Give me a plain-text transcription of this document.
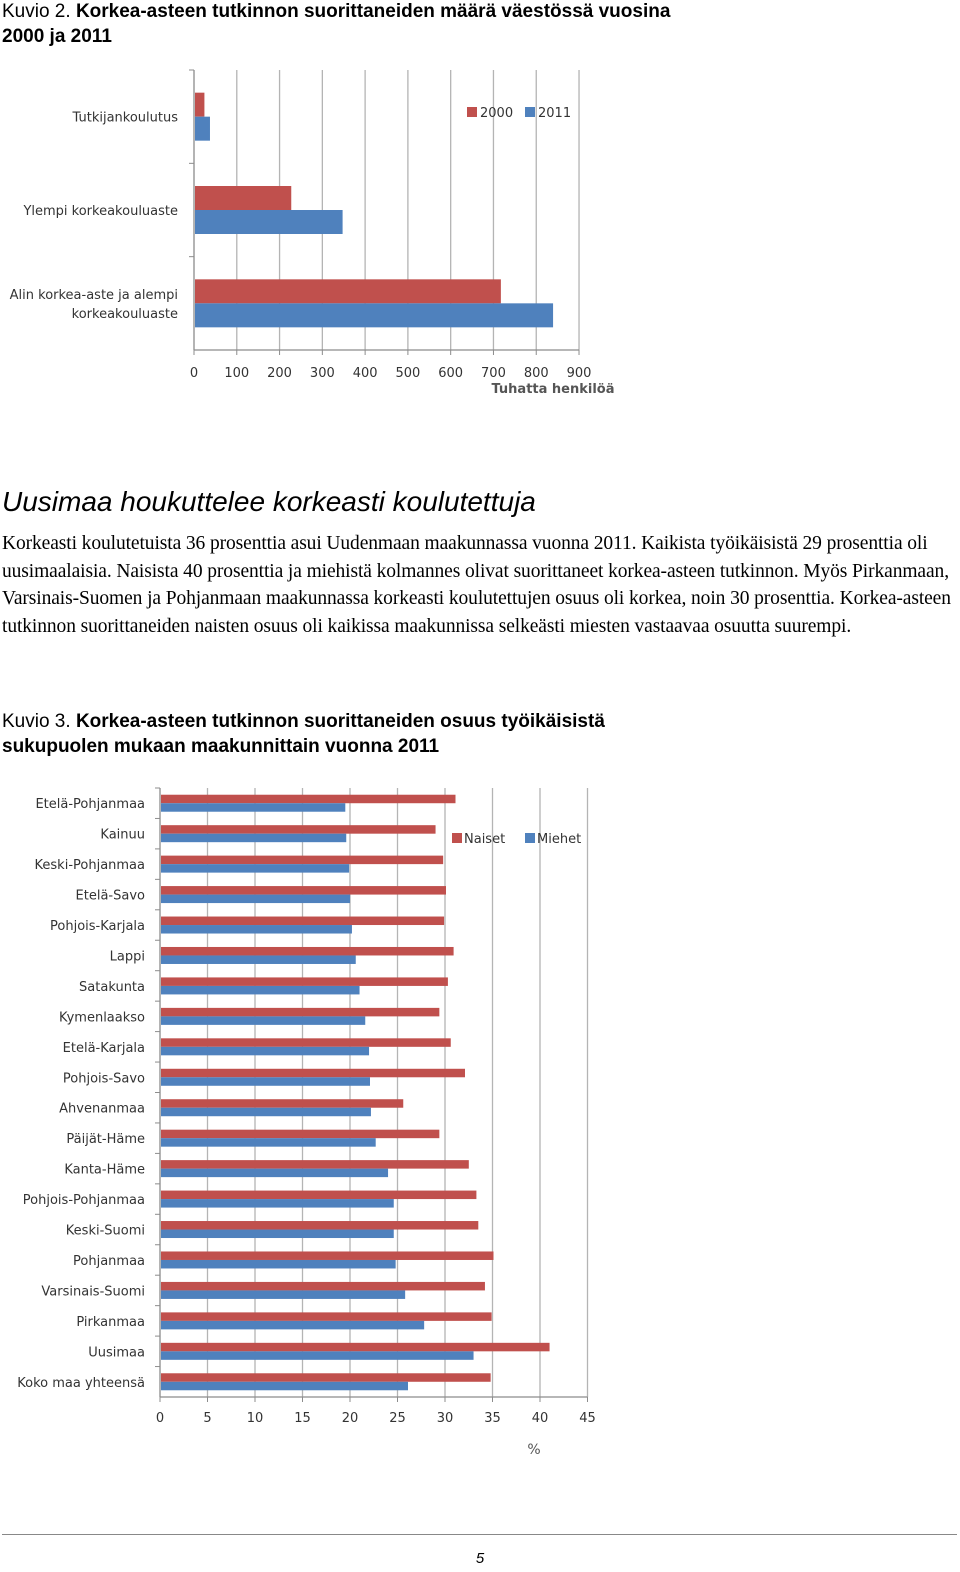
Kuvio 2. Korkea-asteen tutkinnon suorittaneiden määrä väestössä vuosina 2000 ja 2011
0 100 200 300 400 500 600 700 800 900
Tutkijankoulutus
Ylempi korkeakouluaste
Alin korkea-aste ja alempi
korkeakouluaste
Tuhatta henkilöä
2000 2011
Uusimaa houkuttelee korkeasti koulutettuja

Korkeasti koulutetuista 36 prosenttia asui Uudenmaan maakunnassa vuonna 2011. Kaikista työikäisistä 29 prosenttia oli uusimaalaisia. Naisista 40 prosenttia ja miehistä kolmannes olivat suorittaneet korkea-asteen tutkinnon. Myös Pirkanmaan, Varsinais-Suomen ja Pohjanmaan maakunnassa korkeasti koulutettujen osuus oli korkea, noin 30 prosenttia. Korkea-asteen tutkinnon suorittaneiden naisten osuus oli kaikissa maakunnissa selkeästi miesten vastaavaa osuutta suurempi.

Kuvio 3. Korkea-asteen tutkinnon suorittaneiden osuus työikäisistä sukupuolen mukaan maakunnittain vuonna 2011
0	5	10 15 20 25 30 35 40 45
Etelä-Pohjanmaa
Kainuu
Keski-Pohjanmaa
Etelä-Savo
Pohjois-Karjala
Lappi
Satakunta
Kymenlaakso
Etelä-Karjala
Pohjois-Savo
Ahvenanmaa
Päijät-Häme
Kanta-Häme
Pohjois-Pohjanmaa
Keski-Suomi
Pohjanmaa
Varsinais-Suomi
Pirkanmaa
Uusimaa
Koko maa yhteensä
%
Naiset Miehet
5
